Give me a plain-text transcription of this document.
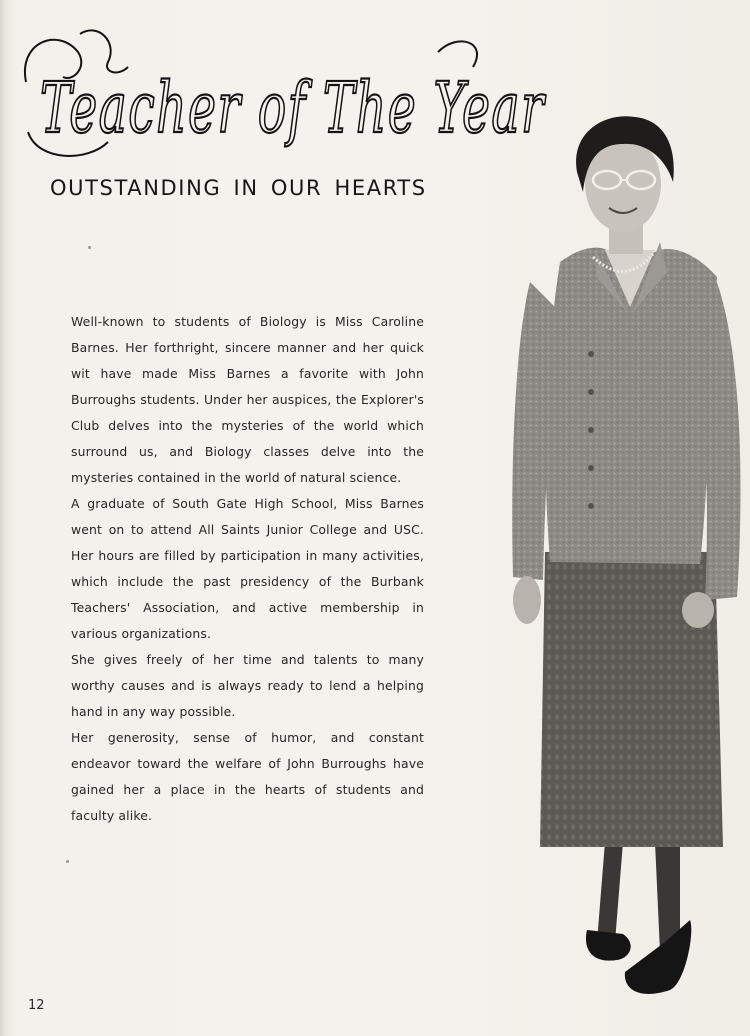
Teacher of The Year
OUTSTANDING IN OUR HEARTS

Well-known to students of Biology is Miss Caroline Barnes. Her forthright, sincere manner and her quick wit have made Miss Barnes a favorite with John Burroughs students. Under her auspices, the Explorer's Club delves into the mysteries of the world which surround us, and Biology classes delve into the mysteries contained in the world of natural science.

A graduate of South Gate High School, Miss Barnes went on to attend All Saints Junior College and USC. Her hours are filled by participation in many activities, which include the past presidency of the Burbank Teachers' Association, and active membership in various organizations.

She gives freely of her time and talents to many worthy causes and is always ready to lend a helping hand in any way possible.

Her generosity, sense of humor, and constant endeavor toward the welfare of John Burroughs have gained her a place in the hearts of students and faculty alike.

12
